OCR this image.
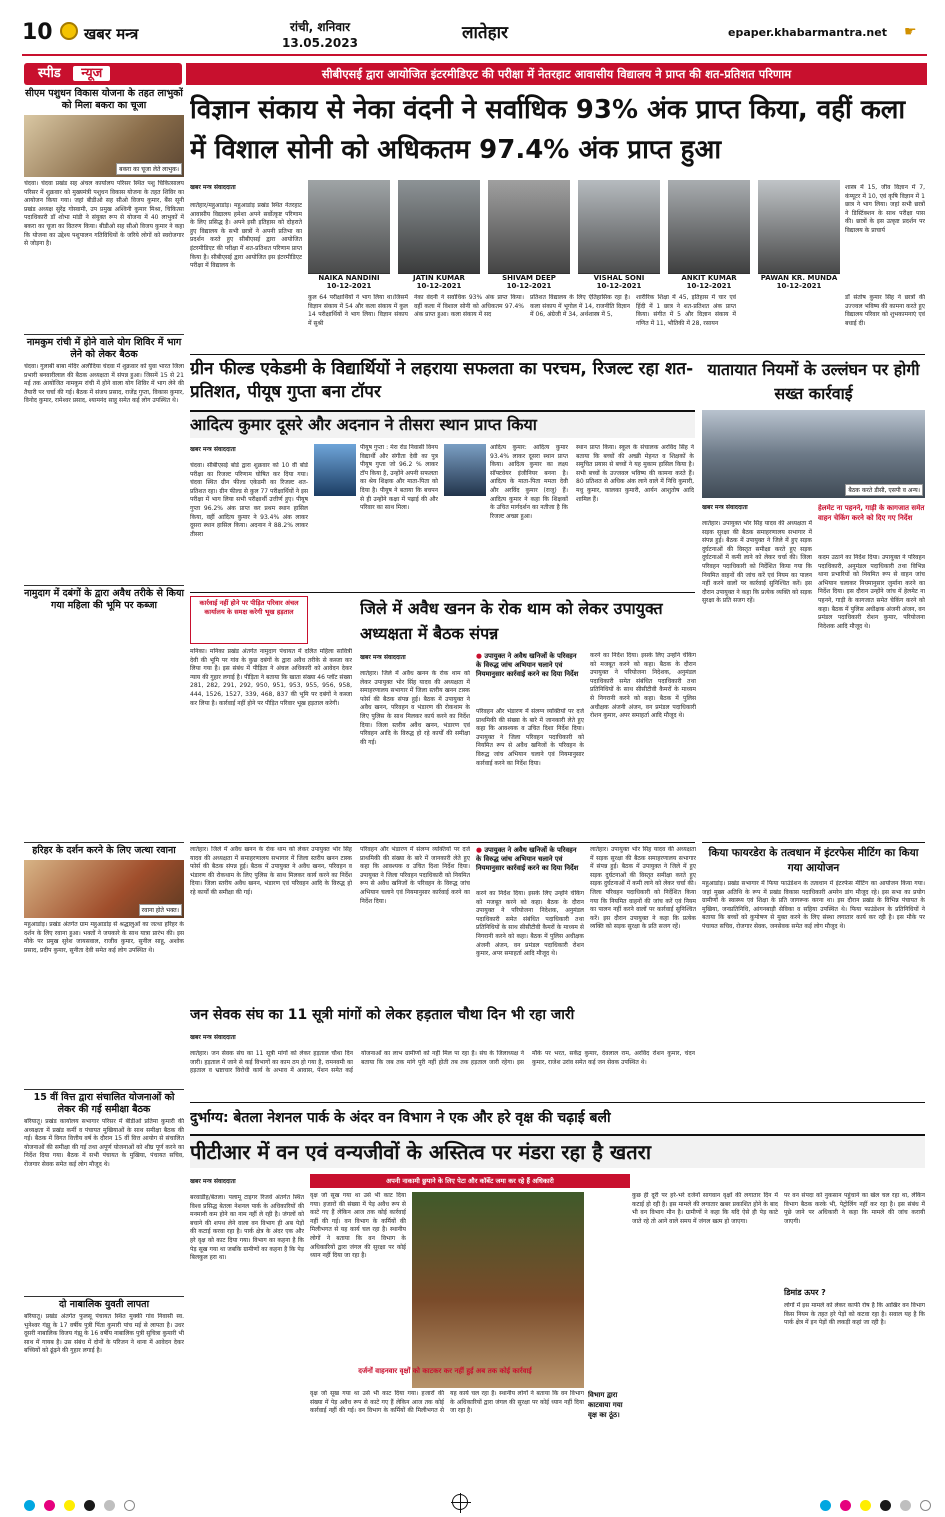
10 खबर मन्त्र	रांची, शनिवार
13.05.2023	लातेहार	epaper.khabarmantra.net ☛
स्पीड न्यूज	सीबीएसई द्वारा आयोजित इंटरमीडिएट की परीक्षा में नेतरहाट आवासीय विद्यालय ने प्राप्त की शत-प्रतिशत परिणाम
सीएम पशुधन विकास योजना के तहत लाभुकों को मिला बकरा का चूजा
बकरा का चूजा लेते लाभुक।
चंदवा। चंदवा प्रखंड सह अंचल कार्यालय परिसर स्थित पशु चिकित्सालय परिसर में शुक्रवार को मुख्यमंत्री पशुधन विकास योजना के तहत शिविर का आयोजन किया गया। जहां बीडीओ सह सीओ विजय कुमार, बैंस सूनी प्रखंड अध्यक्ष सुरेंद्र गोस्वामी, उप प्रमुख अश्विनी कुमार मिश्रा, चिकित्सा पदाधिकारी डॉ शोभा मांडी ने संयुक्त रूप से योजना में 40 लाभुकों में बकरा का चूजा का वितरण किया। बीडीओ सह सीओ विजय कुमार ने कहा कि योजना का उद्देश्य पशुपालन गतिविधियों के जरिये लोगों को स्वरोजगार से जोड़ना है।
नामकुम रांची में होने वाले योग शिविर में भाग लेने को लेकर बैठक
चंदवा। गुलाबी बाबा मंदिर अलौदिया चंदवा में शुक्रवार को युवा भारत जिला प्रभारी बनवारीलाल की बैठक अध्यक्षता में संपन्न हुआ। जिसमें 15 से 21 मई तक आयोजित नामकुम रांची में होने वाला योग शिविर में भाग लेने की तैयारी पर चर्चा की गई। बैठक में संजय प्रसाद, राजेंद्र गुप्ता, विकास कुमार, विनोद कुमार, रामेश्वर प्रसाद, श्यामनंद साहू समेत कई लोग उपस्थित थे।
नामुदाग में दबंगों के द्वारा अवैध तरीके से किया गया महिला की भूमि पर कब्जा
विज्ञान संकाय से नेका वंदनी ने सर्वाधिक 93% अंक प्राप्त किया, वहीं कला में विशाल सोनी को अधिकतम 97.4% अंक प्राप्त हुआ
खबर मन्त्र संवाददाता
लातेहार/महुआडांड़। महुआडांड़ प्रखंड स्थित नेतरहाट आवासीय विद्यालय हमेशा अपने सर्वोत्कृष्ट परिणाम के लिए प्रसिद्ध है। अपने इसी इतिहास को दोहराते हुए विद्यालय के सभी छात्रों ने अपनी प्रतिभा का प्रदर्शन करते हुए सीबीएसई द्वारा आयोजित इंटरमीडिएट की परीक्षा में शत-प्रतिशत परिणाम प्राप्त किया है। सीबीएसई द्वारा आयोजित इस इंटरमीडिएट परीक्षा में विद्यालय के
NAIKA NANDINI
10-12-2021
JATIN KUMAR
10-12-2021
SHIVAM DEEP
10-12-2021
VISHAL SONI
10-12-2021
ANKIT KUMAR
10-12-2021
PAWAN KR. MUNDA
10-12-2021
शास्त्र में 15, जीव विज्ञान में 7, कंप्यूटर में 10, एवं कृषि विज्ञान में 1 छात्र ने भाग लिया। जहां सभी छात्रों ने डिस्टिंक्शन के साथ परीक्षा पास की। छात्रों के इस उत्कृष्ट प्रदर्शन पर विद्यालय के प्राचार्य
कुल 64 परीक्षार्थियों ने भाग लिया था।जिसमें विज्ञान संकाय में 54 और कला संकाय में कुल 14 परीक्षार्थियों ने भाग लिया। विज्ञान संकाय में सुश्री
नेका वंदनी ने सर्वाधिक 93% अंक प्राप्त किया। वहीं कला में विशाल सोनी को अधिकतम 97.4% अंक प्राप्त हुआ। कला संकाय में सद
प्रतिशत विद्यालय के लिए ऐतिहासिक रहा है। कला संकाय में भूगोल में 14, राजनीति विज्ञान में 06, अंग्रेजी में 34, अर्थशास्त्र में 5,
शारीरिक शिक्षा में 45, इतिहास में चार एवं हिंदी में 1 छात्र ने शत-प्रतिशत अंक प्राप्त किया। संगीत में 5 और विज्ञान संकाय में गणित में 11, भौतिकी में 28, रसायन
डॉ संतोष कुमार सिंह ने छात्रों की उज्ज्वल भविष्य की कामना करते हुए विद्यालय परिवार को शुभकामनाएं एवं बधाई दी।
ग्रीन फील्ड एकेडमी के विद्यार्थियों ने लहराया सफलता का परचम, रिजल्ट रहा शत-प्रतिशत, पीयूष गुप्ता बना टॉपर
आदित्य कुमार दूसरे और अदनान ने तीसरा स्थान प्राप्त किया
खबर मन्त्र संवाददाता
चंदवा। सीबीएसई बोर्ड द्वारा शुक्रवार को 10 वीं बोर्ड परीक्षा का रिजल्ट परिणाम घोषित कर दिया गया। चंदवा स्थित ग्रीन फील्ड एकेडमी का रिजल्ट शत-प्रतिशत रहा। ग्रीन फील्ड से कुल 77 परीक्षार्थियों ने इस परीक्षा में भाग लिया सभी परीक्षार्थी उत्तीर्ण हुए। पीयूष गुप्ता 96.2% अंक प्राप्त कर प्रथम स्थान हासिल किया, वहीं आदित्य कुमार ने 93.4% अंक लाकर दूसरा स्थान हासिल किया। अदनान ने 88.2% लाकर तीसरा
पीयूष गुप्ता : मेरा रोड निवासी विनय विद्यार्थी और संगीता देवी का पुत्र पीयूष गुप्ता जो 96.2 % लाकर टॉप किया है, उन्होंने अपनी सफलता का श्रेय शिक्षक और माता-पिता को दिया है। पीयूष ने बताया कि बचपन से ही उन्होंने कक्षा में पढ़ाई की और परिवार का साथ मिला।
आदित्य कुमार: आदित्य कुमार 93.4% लाकर दूसरा स्थान प्राप्त किया। आदित्य कुमार का लक्ष्य सॉफ्टवेयर इंजीनियर बनना है। आदित्य के माता-पिता ममता देवी और अरविंद कुमार (राजू) हैं। आदित्य कुमार ने कहा कि शिक्षकों के उचित मार्गदर्शन का नतीजा है कि रिजल्ट अच्छा हुआ।
स्थान प्राप्त किया। स्कूल के संचालक अरविंद सिंह ने बताया कि बच्चों की अच्छी मेहनत व शिक्षकों के समुचित प्रयास से बच्चों ने यह मुकाम हासिल किया है। सभी बच्चों के उज्जवल भविष्य की कामना करते हैं। 80 प्रतिशत से अधिक अंक लाने वाले में निधि कुमारी, मधु कुमार, कालका कुमारी, आर्यन आशुतोष आदि शामिल हैं।
यातायात नियमों के उल्लंघन पर होगी सख्त कार्रवाई
बैठक करते डीसी, एसपी व अन्य।
खबर मन्त्र संवाददाता	हेलमेट ना पहनने, गाड़ी के कागजात समेत वाहन चेकिंग करने को दिए गए निर्देश
लातेहार। उपायुक्त भोर सिंह यादव की अध्यक्षता में सड़क सुरक्षा की बैठक समाहरणालय सभागार में संपन्न हुई। बैठक में उपायुक्त ने जिले में हुए सड़क दुर्घटनाओं की विस्तृत समीक्षा करते हुए सड़क दुर्घटनाओं में कमी लाने को लेकर चर्चा की। जिला परिवहन पदाधिकारी को निर्देशित किया गया कि नियमित वाहनों की जांच करें एवं नियम का पालन नहीं करने वालों पर कार्रवाई सुनिश्चित करें। इस दौरान उपायुक्त ने कहा कि प्रत्येक व्यक्ति को सड़क सुरक्षा के प्रति सजग रहें।
कदम उठाने का निर्देश दिया। उपायुक्त ने परिवहन पदाधिकारी, अनुमंडल पदाधिकारी तथा विभिन्न थाना प्रभारियों को नियमित रूप से वाहन जांच अभियान चलाकर नियमानुसार जुर्माना करने का निर्देश दिया। इस दौरान उन्होंने जांच में हेलमेट ना पहनने, गाड़ी के कागजात समेत चेकिंग करने को कहा। बैठक में पुलिस अधीक्षक अंजनी अंजन, वन प्रमंडल पदाधिकारी रोशन कुमार, परियोजना निदेशक आदि मौजूद थे।
कार्रवाई नहीं होने पर पीड़ित परिवार अंचल कार्यालय के समक्ष करेगी भूख हड़ताल
मनिका। मनिका प्रखंड अंतर्गत नामुदाग पंचायत में दलित महिला सावित्री देवी की भूमि पर गांव के कुछ दबंगों के द्वारा अवैध तरीके से कब्जा कर लिया गया है। इस संबंध में पीड़िता ने अंचल अधिकारी को आवेदन देकर न्याय की गुहार लगाई है। पीड़िता ने बताया कि खाता संख्या 46 प्लॉट संख्या 281, 282, 291, 292, 950, 951, 953, 955, 956, 958, 444, 1526, 1527, 339, 468, 837 की भूमि पर दबंगों ने कब्जा कर लिया है। कार्रवाई नहीं होने पर पीड़ित परिवार भूख हड़ताल करेगी।
जिले में अवैध खनन के रोक थाम को लेकर उपायुक्त अध्यक्षता में बैठक संपन्न
खबर मन्त्र संवाददाता
लातेहार। जिले में अवैध खनन के रोक थाम को लेकर उपायुक्त भोर सिंह यादव की अध्यक्षता में समाहरणालय सभागार में जिला स्तरीय खनन टास्क फोर्स की बैठक संपन्न हुई। बैठक में उपायुक्त ने अवैध खनन, परिवहन व भंडारण की रोकथाम के लिए पुलिस के साथ मिलकर कार्य करने का निर्देश दिया। जिला स्तरीय अवैध खनन, भंडारण एवं परिवहन आदि के विरुद्ध हो रहे कार्यों की समीक्षा की गई।
● उपायुक्त ने अवैध खनिजों के परिवहन के विरुद्ध जांच अभियान चलाने एवं नियमानुसार कार्रवाई करने का दिया निर्देश
परिवहन और भंडारण में संलग्न व्यक्तियों पर दर्ज प्राथमिकी की संख्या के बारे में जानकारी लेते हुए कहा कि आवश्यक व उचित दिशा निर्देश दिया। उपायुक्त ने जिला परिवहन पदाधिकारी को नियमित रूप से अवैध खनिजों के परिवहन के विरुद्ध जांच अभियान चलाने एवं नियमानुसार कार्रवाई करने का निर्देश दिया।
करने का निर्देश दिया। इसके लिए उन्होंने चेकिंग को मजबूत करने को कहा। बैठक के दौरान उपायुक्त ने परियोजना निदेशक, अनुमंडल पदाधिकारी समेत संबंधित पदाधिकारी तथा प्रतिनिधियों के साथ सीसीटीवी कैमरों के माध्यम से निगरानी करने को कहा। बैठक में पुलिस अधीक्षक अंजनी अंजन, वन प्रमंडल पदाधिकारी रोशन कुमार, अपर समाहर्ता आदि मौजूद थे।
किया फायरडेरा के तत्वधान में इंटरफेस मीटिंग का किया गया आयोजन
महुआडांड़। प्रखंड सभागार में फिया फाउंडेशन के तत्वधान में इंटरफेस मीटिंग का आयोजन किया गया। जहां मुख्य अतिथि के रूप में प्रखंड विकास पदाधिकारी अमरेन डांग मौजूद रहे। इस सभा का प्रयोग ग्रामीणों के स्वास्थ्य एवं शिक्षा के प्रति जागरूक करना था। इस दौरान प्रखंड के विभिन्न पंचायत के मुखिया, जनप्रतिनिधि, आंगनबाड़ी सेविका व सहिया उपस्थित थे। फिया फाउंडेशन के प्रतिनिधियों ने बताया कि बच्चों को कुपोषण से मुक्त करने के लिए संस्था लगातार कार्य कर रही है। इस मौके पर पंचायत सचिव, रोजगार सेवक, जनसेवक समेत कई लोग मौजूद थे।
हरिहर के दर्शन करने के लिए जत्था रवाना
रवाना होते भक्त।
महुआडांड़। प्रखंड अंतर्गत ग्राम महुआडांड़ से श्रद्धालुओं का जत्था हरिहर के दर्शन के लिए रवाना हुआ। भक्तों ने जयकारे के साथ यात्रा प्रारंभ की। इस मौके पर प्रमुख सुरेश जायसवाल, राजीव कुमार, सुनील साहू, अशोक प्रसाद, प्रदीप कुमार, सुनीता देवी समेत कई लोग उपस्थित थे।
15 वीं वित्त द्वारा संचालित योजनाओं को लेकर की गई समीक्षा बैठक
बरियातू। प्रखंड कार्यालय सभागार परिसर में बीडीओ प्रतिमा कुमारी की अध्यक्षता में प्रखंड कर्मी व पंचायत मुखियाओं के साथ समीक्षा बैठक की गई। बैठक में विगत वित्तीय वर्ष के दौरान 15 वीं वित्त आयोग से संचालित योजनाओं की समीक्षा की गई तथा अपूर्ण योजनाओं को शीघ्र पूर्ण करने का निर्देश दिया गया। बैठक में सभी पंचायत के मुखिया, पंचायत सचिव, रोजगार सेवक समेत कई लोग मौजूद थे।
दो नाबालिक युवती लापता
बरियातू। प्रखंड अंतर्गत फुलसू पंचायत स्थित मुक्की गांव निवासी स्व. भुनेश्वर गंझू के 17 वर्षीय पुत्री पिंता कुमारी पांच मई से लापता है। उधर दूसरी नाबालिक विजय गंझू के 16 वर्षीय नाबालिक पुत्री सुचित्रा कुमारी भी साथ में गायब है। उस संबंध में दोनों के परिजन ने थाना में आवेदन देकर बच्चियों को ढूंढ़ने की गुहार लगाई है।
जन सेवक संघ का 11 सूत्री मांगों को लेकर हड़ताल चौथा दिन भी रहा जारी
खबर मन्त्र संवाददाता
लातेहार। जन सेवक संघ का 11 सूत्री मांगों को लेकर हड़ताल चौथा दिन जारी। हड़ताल में जाने से कई विभागों का काम ठप हो गया है, रामनवमी का हड़ताल व भ्रष्टाचार विरोधी कार्य के अभाव में आवास, पेंशन समेत कई योजनाओं का लाभ ग्रामीणों को नहीं मिल पा रहा है। संघ के जिलाध्यक्ष ने बताया कि जब तक मांगे पूरी नहीं होती तब तक हड़ताल जारी रहेगा। इस मौके पर भरत, सकेंद्र कुमार, देवलाल राम, अरविंद रोशन कुमार, चंदन कुमार, राजेश उरांव समेत कई जन सेवक उपस्थित थे।
लातेहार। जिले में अवैध खनन के रोक थाम को लेकर उपायुक्त भोर सिंह यादव की अध्यक्षता में समाहरणालय सभागार में जिला स्तरीय खनन टास्क फोर्स की बैठक संपन्न हुई। बैठक में उपायुक्त ने अवैध खनन, परिवहन व भंडारण की रोकथाम के लिए पुलिस के साथ मिलकर कार्य करने का निर्देश दिया। जिला स्तरीय अवैध खनन, भंडारण एवं परिवहन आदि के विरुद्ध हो रहे कार्यों की समीक्षा की गई।
परिवहन और भंडारण में संलग्न व्यक्तियों पर दर्ज प्राथमिकी की संख्या के बारे में जानकारी लेते हुए कहा कि आवश्यक व उचित दिशा निर्देश दिया। उपायुक्त ने जिला परिवहन पदाधिकारी को नियमित रूप से अवैध खनिजों के परिवहन के विरुद्ध जांच अभियान चलाने एवं नियमानुसार कार्रवाई करने का निर्देश दिया।
● उपायुक्त ने अवैध खनिजों के परिवहन के विरुद्ध जांच अभियान चलाने एवं नियमानुसार कार्रवाई करने का दिया निर्देश
करने का निर्देश दिया। इसके लिए उन्होंने चेकिंग को मजबूत करने को कहा। बैठक के दौरान उपायुक्त ने परियोजना निदेशक, अनुमंडल पदाधिकारी समेत संबंधित पदाधिकारी तथा प्रतिनिधियों के साथ सीसीटीवी कैमरों के माध्यम से निगरानी करने को कहा। बैठक में पुलिस अधीक्षक अंजनी अंजन, वन प्रमंडल पदाधिकारी रोशन कुमार, अपर समाहर्ता आदि मौजूद थे।
लातेहार। उपायुक्त भोर सिंह यादव की अध्यक्षता में सड़क सुरक्षा की बैठक समाहरणालय सभागार में संपन्न हुई। बैठक में उपायुक्त ने जिले में हुए सड़क दुर्घटनाओं की विस्तृत समीक्षा करते हुए सड़क दुर्घटनाओं में कमी लाने को लेकर चर्चा की। जिला परिवहन पदाधिकारी को निर्देशित किया गया कि नियमित वाहनों की जांच करें एवं नियम का पालन नहीं करने वालों पर कार्रवाई सुनिश्चित करें। इस दौरान उपायुक्त ने कहा कि प्रत्येक व्यक्ति को सड़क सुरक्षा के प्रति सजग रहें।
दुर्भाग्य: बेतला नेशनल पार्क के अंदर वन विभाग ने एक और हरे वृक्ष की चढ़ाई बली
पीटीआर में वन एवं वन्यजीवों के अस्तित्व पर मंडरा रहा है खतरा
अपनी नाकामी छुपाने के लिए पेटा और कॉर्बेट जमा कर रहे हैं अधिकारी
खबर मन्त्र संवाददाता
बरवाडीह/बेतला। पलामू टाइगर रिजर्व अंतर्गत स्थित विश्व प्रसिद्ध बेतला नेशनल पार्क के अधिकारियों की मनमानी कम होने का नाम नहीं ले रही है। जंगलों को बचाने की शपथ लेने वाला वन विभाग ही अब पेड़ों की कटाई करवा रहा है। पार्क क्षेत्र के अंदर एक और हरे वृक्ष को काट दिया गया। विभाग का कहना है कि पेड़ सूख गया था जबकि ग्रामीणों का कहना है कि पेड़ बिलकुल हरा था।
वृक्ष जो सूख गया था उसे भी काट दिया गया। हजारों की संख्या में पेड़ अवैध रूप से काटे गए हैं लेकिन आज तक कोई कार्रवाई नहीं की गई। वन विभाग के कर्मियों की मिलीभगत से यह कार्य चल रहा है। स्थानीय लोगों ने बताया कि वन विभाग के अधिकारियों द्वारा जंगल की सुरक्षा पर कोई ध्यान नहीं दिया जा रहा है।
विभाग द्वारा काटवाया गया वृक्ष का ठूंठ।
दर्जनों वाहनवार वृक्षों को काटकर कर नहीं हुई अब तक कोई कार्रवाई
कुछ ही दूरी पर हरे-भरे दर्जनों सागवान वृक्षों की लगातार दिन में कटाई हो रही है। इस मामले की लगातार खबर प्रकाशित होने के बाद भी वन विभाग मौन है। ग्रामीणों ने कहा कि यदि ऐसे ही पेड़ काटे जाते रहे तो आने वाले समय में जंगल खत्म हो जाएगा।
पर वन संपदा को नुकसान पहुंचाने का खेल चल रहा था, लेकिन विभाग बैठक करके भी, पेट्रोलिंग नहीं कर रहा है। इस संबंध में पूछे जाने पर अधिकारी ने कहा कि मामले की जांच करायी जाएगी।
डिमांड ऊपर ?
लोगों में इस मामले को लेकर काफी रोष है कि आखिर वन विभाग किस नियम के तहत हरे पेड़ों को कटवा रहा है। सवाल यह है कि पार्क क्षेत्र में इन पेड़ों की लकड़ी कहां जा रही है।
वृक्ष जो सूख गया था उसे भी काट दिया गया। हजारों की संख्या में पेड़ अवैध रूप से काटे गए हैं लेकिन आज तक कोई कार्रवाई नहीं की गई। वन विभाग के कर्मियों की मिलीभगत से यह कार्य चल रहा है। स्थानीय लोगों ने बताया कि वन विभाग के अधिकारियों द्वारा जंगल की सुरक्षा पर कोई ध्यान नहीं दिया जा रहा है।
